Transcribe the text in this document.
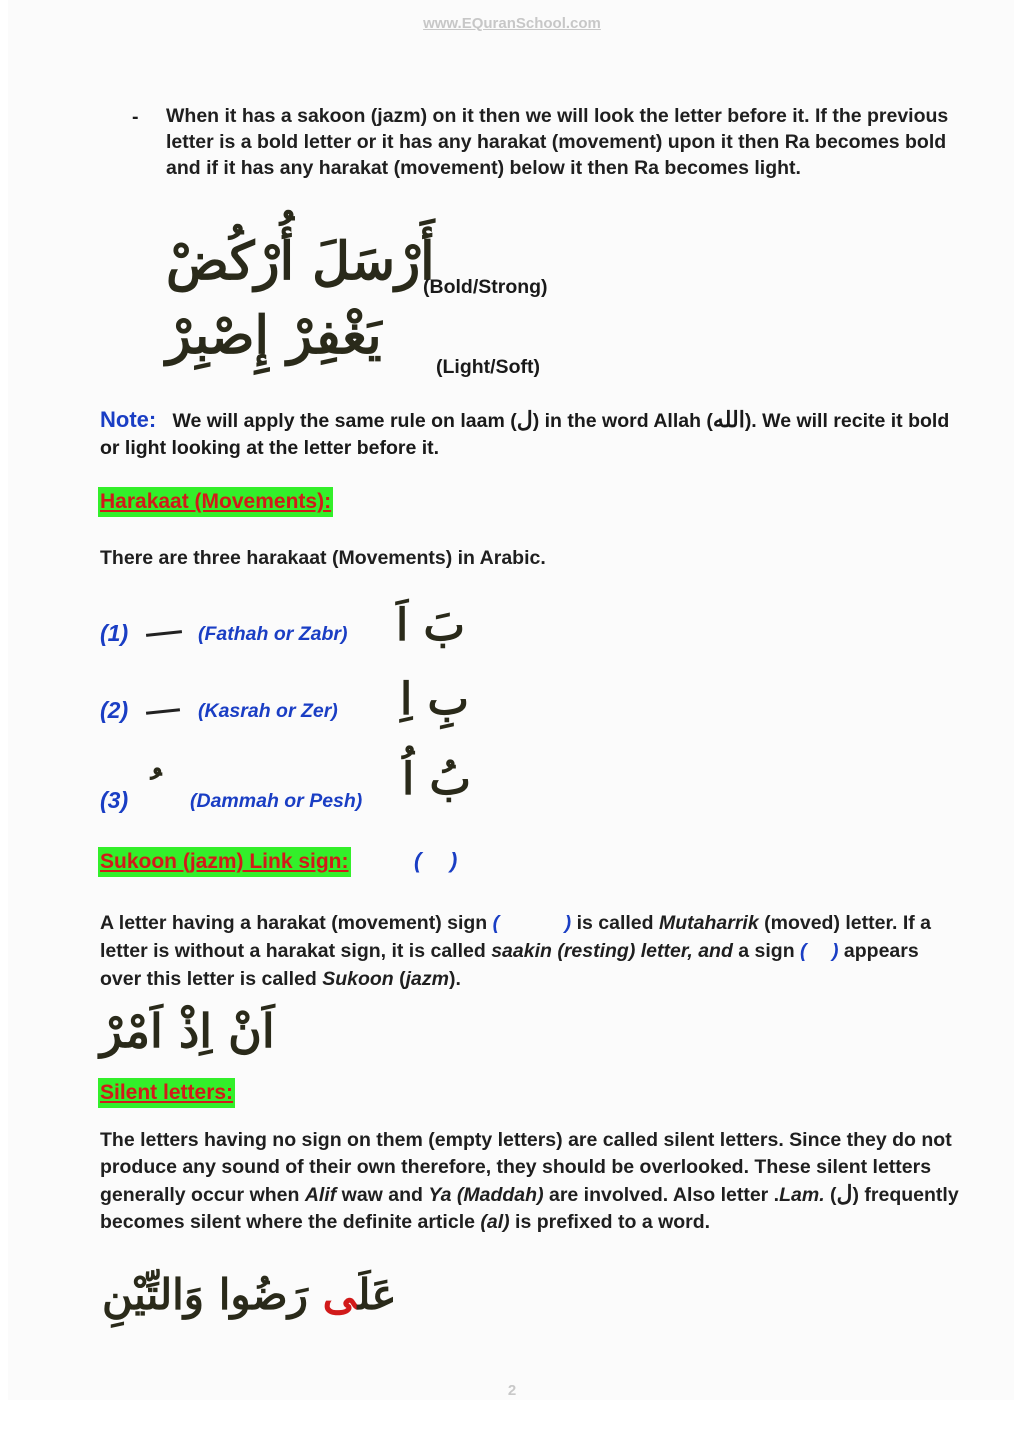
www.EQuranSchool.com
- When it has a sakoon (jazm) on it then we will look the letter before it. If the previous letter is a bold letter or it has any harakat (movement) upon it then Ra becomes bold and if it has any harakat (movement) below it then Ra becomes light.
أَرْسَلَ أُرْكُضْ
(Bold/Strong)
يَغْفِرْ إِصْبِرْ
(Light/Soft)
Note: We will apply the same rule on laam (ل) in the word Allah (الله). We will recite it bold or light looking at the letter before it.
Harakaat (Movements):
There are three harakaat (Movements) in Arabic.
(1)	(Fathah or Zabr) بَ اَ
(2)	(Kasrah or Zer) بِ اِ
(3)	(Dammah or Pesh) بُ اُ
Sukoon (jazm) Link sign:	( ْ )
A letter having a harakat (movement) sign ( َ ِ ُ ) is called Mutaharrik (moved) letter. If a letter is without a harakat sign, it is called saakin (resting) letter, and a sign ( ْ ) appears over this letter is called Sukoon (jazm).
اَنْ اِذْ اَمْرْ
Silent letters:
The letters having no sign on them (empty letters) are called silent letters. Since they do not produce any sound of their own therefore, they should be overlooked. These silent letters generally occur when Alif waw and Ya (Maddah) are involved. Also letter .Lam. (ل) frequently becomes silent where the definite article (al) is prefixed to a word.
عَلَى رَضُوا وَالتِّيْنِ
2
